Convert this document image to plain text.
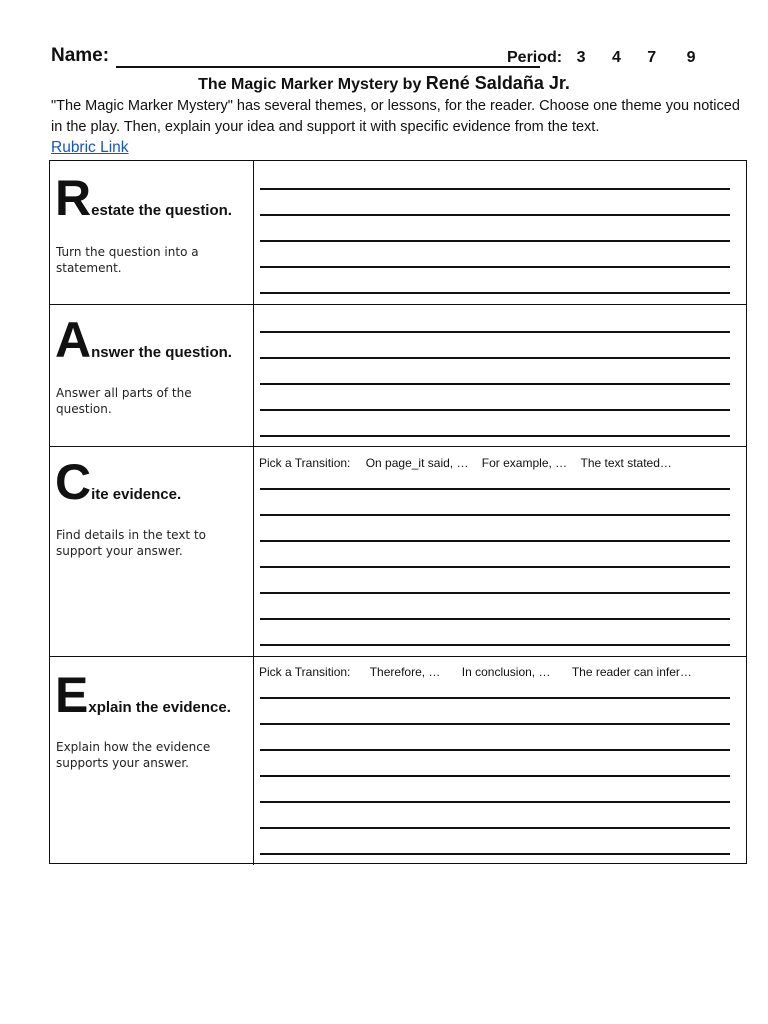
Name:	Period: 3 4 7 9
The Magic Marker Mystery by René Saldaña Jr.
"The Magic Marker Mystery" has several themes, or lessons, for the reader. Choose one theme you noticed in the play. Then, explain your idea and support it with specific evidence from the text.
Rubric Link
Restate the question.
Turn the question into a statement.
Answer the question.
Answer all parts of the question.
Cite evidence.
Find details in the text to support your answer.
Pick a Transition: On page_it said, … For example, … The text stated…
Explain the evidence.
Explain how the evidence supports your answer.
Pick a Transition: Therefore, … In conclusion, … The reader can infer…
